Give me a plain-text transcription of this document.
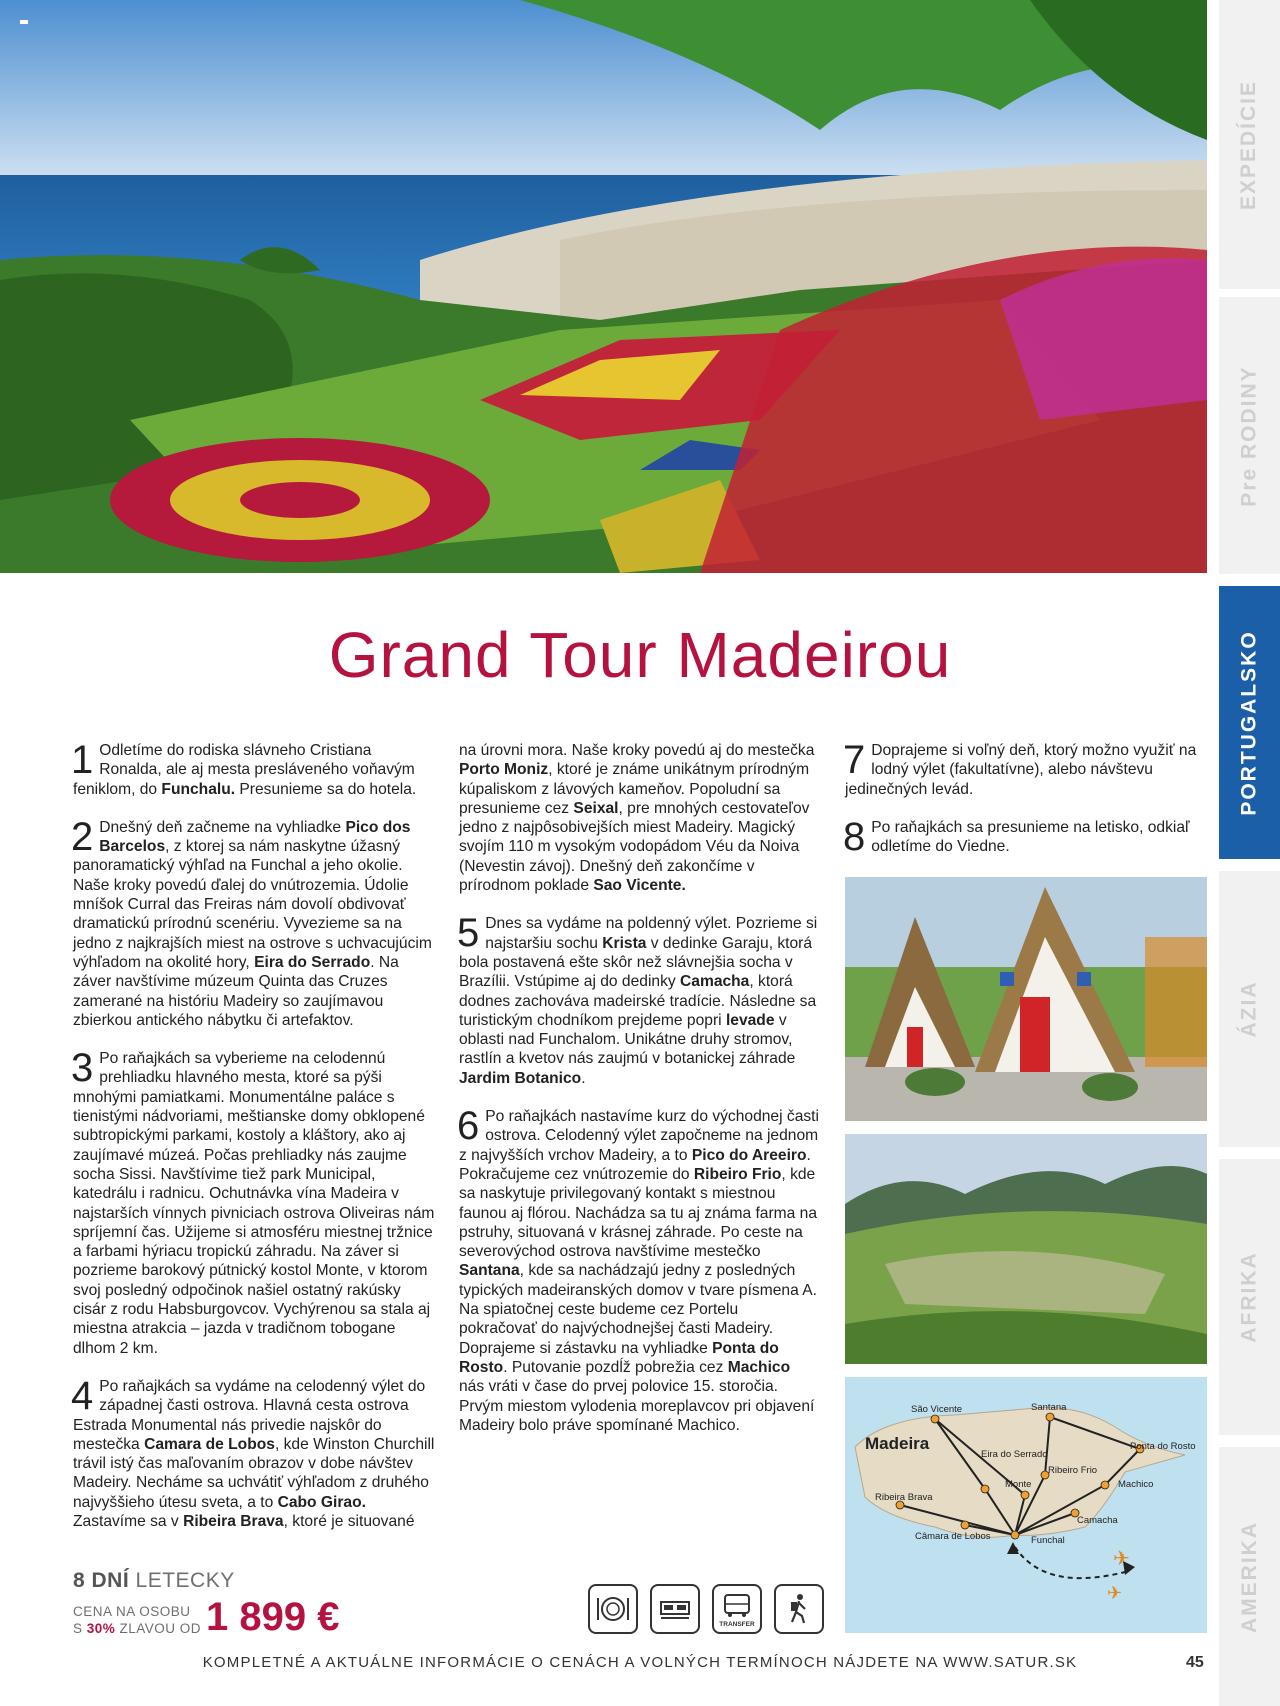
EXPEDÍCIE
Pre RODINY
PORTUGALSKO
ÁZIA
AFRIKA
AMERIKA
Grand Tour Madeirou
1 Odletíme do rodiska slávneho Cristiana Ronalda, ale aj mesta presláveného voňavým feniklom, do Funchalu. Presunieme sa do hotela.
2 Dnešný deň začneme na vyhliadke Pico dos Barcelos, z ktorej sa nám naskytne úžasný panoramatický výhľad na Funchal a jeho okolie. Naše kroky povedú ďalej do vnútrozemia. Údolie mníšok Curral das Freiras nám dovolí obdivovať dramatickú prírodnú scenériu. Vyvezieme sa na jedno z najkrajších miest na ostrove s uchvacujúcim výhľadom na okolité hory, Eira do Serrado. Na záver navštívime múzeum Quinta das Cruzes zamerané na históriu Madeiry so zaujímavou zbierkou antického nábytku či artefaktov.
3 Po raňajkách sa vyberieme na celodennú prehliadku hlavného mesta, ktoré sa pýši mnohými pamiatkami. Monumentálne paláce s tienistými nádvoriami, meštianske domy obklopené subtropickými parkami, kostoly a kláštory, ako aj zaujímavé múzeá. Počas prehliadky nás zaujme socha Sissi. Navštívime tiež park Municipal, katedrálu i radnicu. Ochutnávka vína Madeira v najstarších vínnych pivniciach ostrova Oliveiras nám spríjemní čas. Užijeme si atmosféru miestnej tržnice a farbami hýriacu tropickú záhradu. Na záver si pozrieme barokový pútnický kostol Monte, v ktorom svoj posledný odpočinok našiel ostatný rakúsky cisár z rodu Habsburgovcov. Vychýrenou sa stala aj miestna atrakcia – jazda v tradičnom tobogane dlhom 2 km.
4 Po raňajkách sa vydáme na celodenný výlet do západnej časti ostrova. Hlavná cesta ostrova Estrada Monumental nás privedie najskôr do mestečka Camara de Lobos, kde Winston Churchill trávil istý čas maľovaním obrazov v dobe návštev Madeiry. Necháme sa uchvátiť výhľadom z druhého najvyššieho útesu sveta, a to Cabo Girao. Zastavíme sa v Ribeira Brava, ktoré je situované
na úrovni mora. Naše kroky povedú aj do mestečka Porto Moniz, ktoré je známe unikátnym prírodným kúpaliskom z lávových kameňov. Popoludní sa presunieme cez Seixal, pre mnohých cestovateľov jedno z najpôsobivejších miest Madeiry. Magický svojím 110 m vysokým vodopádom Véu da Noiva (Nevestin závoj). Dnešný deň zakončíme v prírodnom poklade Sao Vicente.
5 Dnes sa vydáme na poldenný výlet. Pozrieme si najstaršiu sochu Krista v dedinke Garaju, ktorá bola postavená ešte skôr než slávnejšia socha v Brazílii. Vstúpime aj do dedinky Camacha, ktorá dodnes zachováva madeirské tradície. Následne sa turistickým chodníkom prejdeme popri levade v oblasti nad Funchalom. Unikátne druhy stromov, rastlín a kvetov nás zaujmú v botanickej záhrade Jardim Botanico.
6 Po raňajkách nastavíme kurz do východnej časti ostrova. Celodenný výlet započneme na jednom z najvyšších vrchov Madeiry, a to Pico do Areeiro. Pokračujeme cez vnútrozemie do Ribeiro Frio, kde sa naskytuje privilegovaný kontakt s miestnou faunou aj flórou. Nachádza sa tu aj známa farma na pstruhy, situovaná v krásnej záhrade. Po ceste na severovýchod ostrova navštívime mestečko Santana, kde sa nachádzajú jedny z posledných typických madeiranských domov v tvare písmena A. Na spiatočnej ceste budeme cez Portelu pokračovať do najvýchodnejšej časti Madeiry. Doprajeme si zástavku na vyhliadke Ponta do Rosto. Putovanie pozdĺž pobrežia cez Machico nás vráti v čase do prvej polovice 15. storočia. Prvým miestom vylodenia moreplavcov pri objavení Madeiry bolo práve spomínané Machico.
7 Doprajeme si voľný deň, ktorý možno využiť na lodný výlet (fakultatívne), alebo návštevu jedinečných levád.
8 Po raňajkách sa presunieme na letisko, odkiaľ odletíme do Viedne.
✈
✈
Madeira
São Vicente	Santana
Eira do Serrado
Ponta do Rosto
Ribeiro Frio
Monte	Machico
Ribeira Brava
Camacha
Câmara de Lobos	Funchal
8 DNÍ LETECKY
CENA NA OSOBU
S 30% ZLAVOU OD 1 899 €	TRANSFER
KOMPLETNÉ A AKTUÁLNE INFORMÁCIE O CENÁCH A VOLNÝCH TERMÍNOCH NÁJDETE NA WWW.SATUR.SK	45
